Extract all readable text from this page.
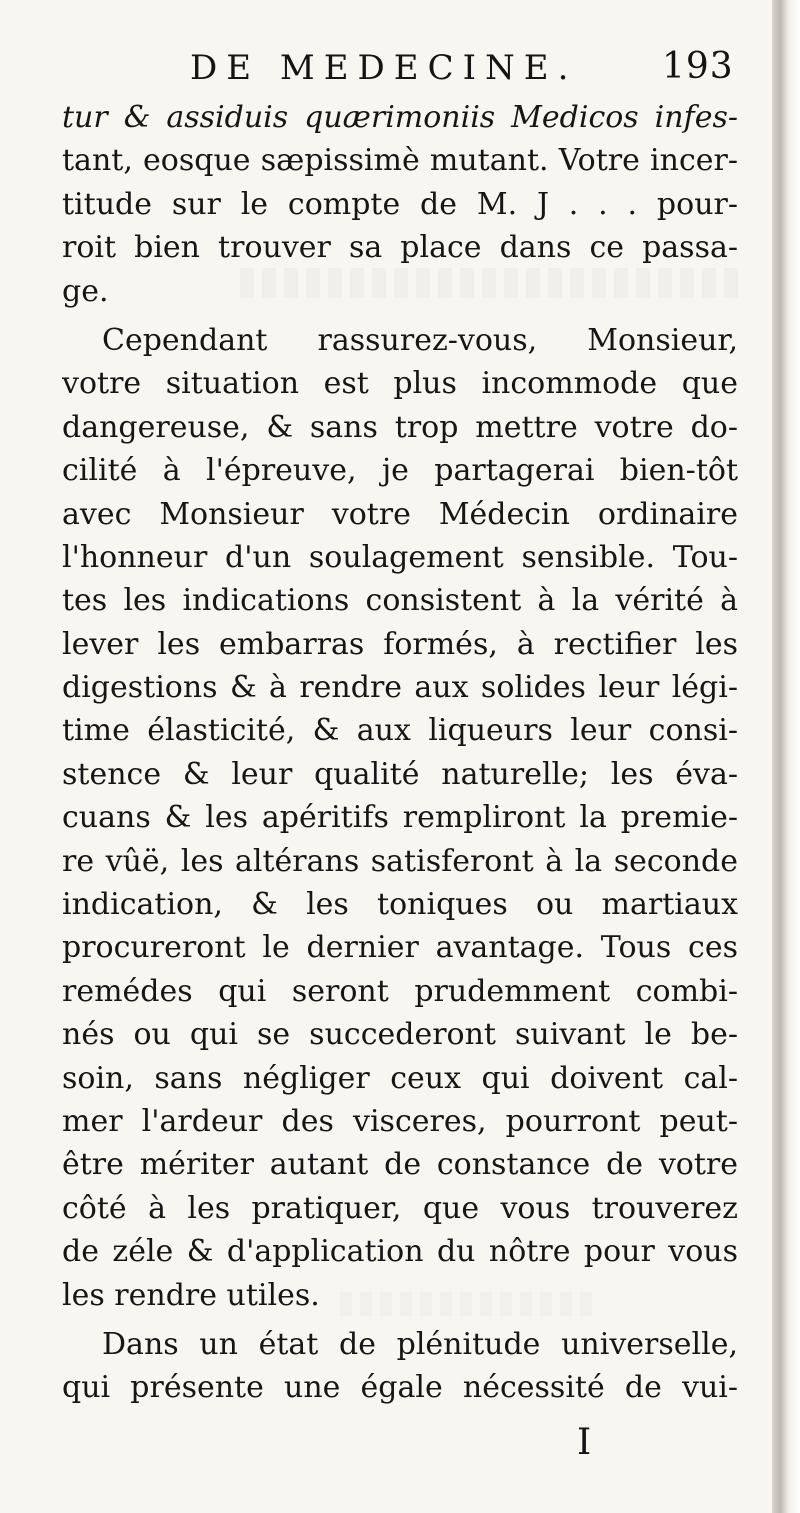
DE MEDECINE. 193
tur & assiduis quærimoniis Medicos infes-
tant, eosque sæpissimè mutant. Votre incer-
titude sur le compte de M. J . . . pour-
roit bien trouver sa place dans ce passa-
ge.
Cependant rassurez-vous, Monsieur,
votre situation est plus incommode que
dangereuse, & sans trop mettre votre do-
cilité à l'épreuve, je partagerai bien-tôt
avec Monsieur votre Médecin ordinaire
l'honneur d'un soulagement sensible. Tou-
tes les indications consistent à la vérité à
lever les embarras formés, à rectifier les
digestions & à rendre aux solides leur légi-
time élasticité, & aux liqueurs leur consi-
stence & leur qualité naturelle; les éva-
cuans & les apéritifs rempliront la premie-
re vûë, les altérans satisferont à la seconde
indication, & les toniques ou martiaux
procureront le dernier avantage. Tous ces
remédes qui seront prudemment combi-
nés ou qui se succederont suivant le be-
soin, sans négliger ceux qui doivent cal-
mer l'ardeur des visceres, pourront peut-
être mériter autant de constance de votre
côté à les pratiquer, que vous trouverez
de zéle & d'application du nôtre pour vous
les rendre utiles.
Dans un état de plénitude universelle,
qui présente une égale nécessité de vui-
I
